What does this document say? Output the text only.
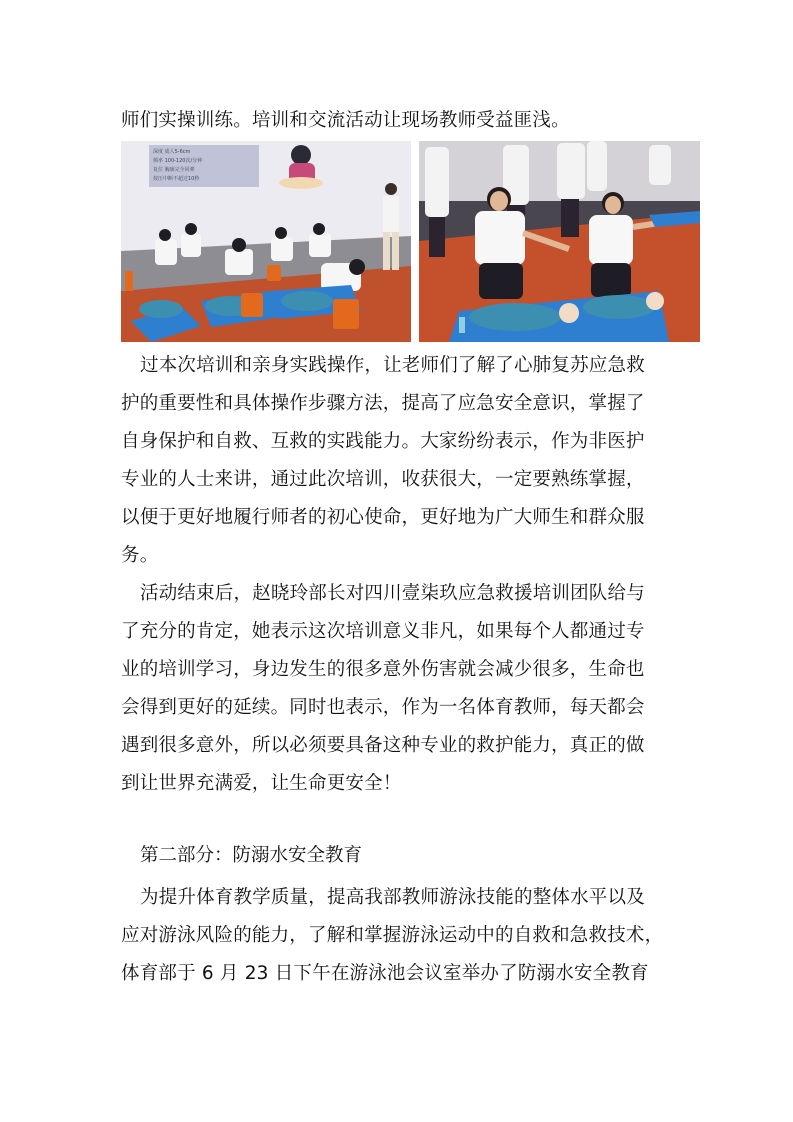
师们实操训练。培训和交流活动让现场教师受益匪浅。

深度 成人5-6cm
频率 100-120次/分钟
复位 胸廓完全回弹
按压中断不超过10秒

过本次培训和亲身实践操作，让老师们了解了心肺复苏应急救
护的重要性和具体操作步骤方法，提高了应急安全意识，掌握了
自身保护和自救、互救的实践能力。大家纷纷表示，作为非医护
专业的人士来讲，通过此次培训，收获很大，一定要熟练掌握，
以便于更好地履行师者的初心使命，更好地为广大师生和群众服
务。

活动结束后，赵晓玲部长对四川壹柒玖应急救援培训团队给与
了充分的肯定，她表示这次培训意义非凡，如果每个人都通过专
业的培训学习，身边发生的很多意外伤害就会减少很多，生命也
会得到更好的延续。同时也表示，作为一名体育教师，每天都会
遇到很多意外，所以必须要具备这种专业的救护能力，真正的做
到让世界充满爱，让生命更安全！

第二部分：防溺水安全教育

为提升体育教学质量，提高我部教师游泳技能的整体水平以及
应对游泳风险的能力，了解和掌握游泳运动中的自救和急救技术，
体育部于 6 月 23 日下午在游泳池会议室举办了防溺水安全教育
